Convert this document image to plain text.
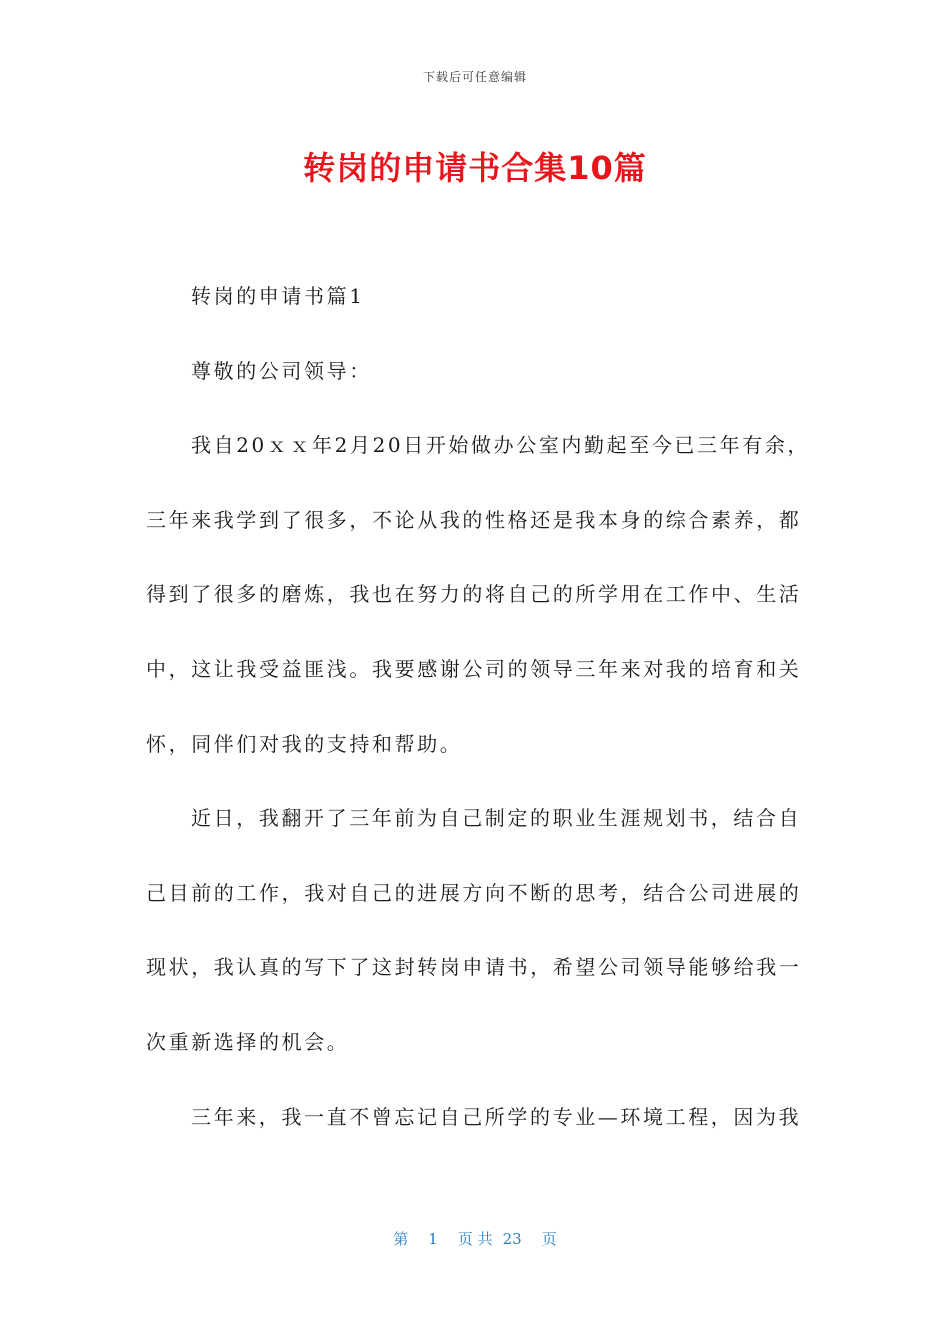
下载后可任意编辑
转岗的申请书合集10篇
转岗的申请书篇1
尊敬的公司领导：
我自20ｘｘ年2月20日开始做办公室内勤起至今已三年有余，
三年来我学到了很多，不论从我的性格还是我本身的综合素养，都
得到了很多的磨炼，我也在努力的将自己的所学用在工作中、生活
中，这让我受益匪浅。我要感谢公司的领导三年来对我的培育和关
怀，同伴们对我的支持和帮助。
近日，我翻开了三年前为自己制定的职业生涯规划书，结合自
己目前的工作，我对自己的进展方向不断的思考，结合公司进展的
现状，我认真的写下了这封转岗申请书，希望公司领导能够给我一
次重新选择的机会。
三年来，我一直不曾忘记自己所学的专业—环境工程，因为我
第 1 页 共 23 页
